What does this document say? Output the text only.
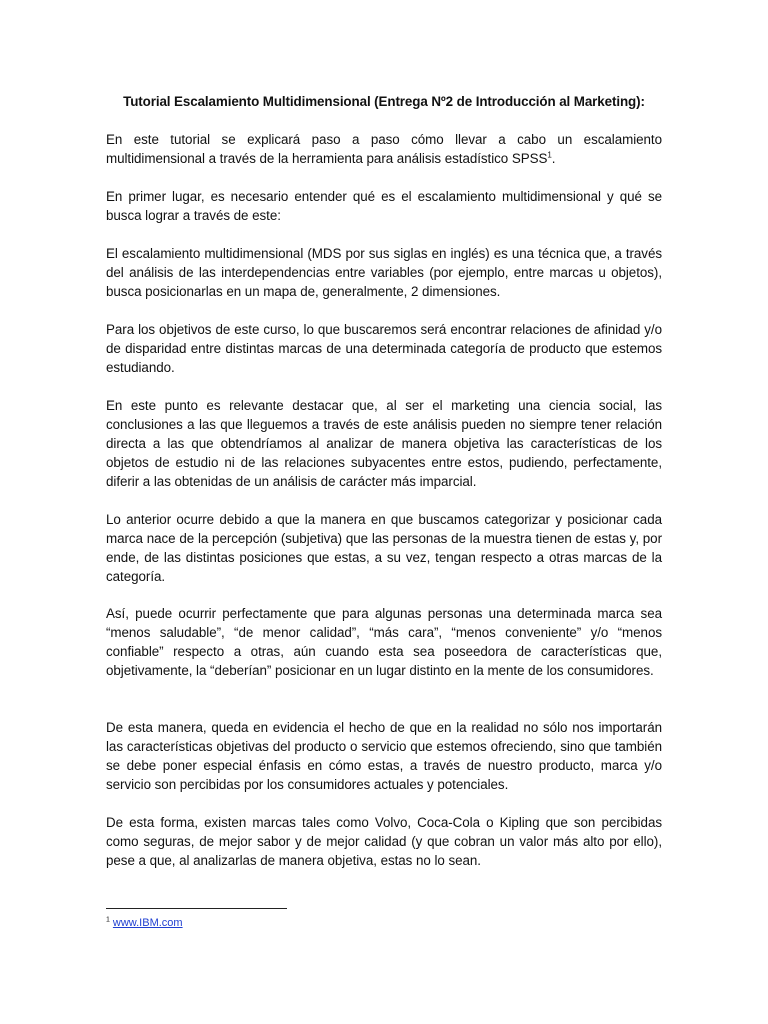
Tutorial Escalamiento Multidimensional (Entrega Nº2 de Introducción al Marketing):

En este tutorial se explicará paso a paso cómo llevar a cabo un escalamiento multidimensional a través de la herramienta para análisis estadístico SPSS$^1$.

En primer lugar, es necesario entender qué es el escalamiento multidimensional y qué se busca lograr a través de este:

El escalamiento multidimensional (MDS por sus siglas en inglés) es una técnica que, a través del análisis de las interdependencias entre variables (por ejemplo, entre marcas u objetos), busca posicionarlas en un mapa de, generalmente, 2 dimensiones.

Para los objetivos de este curso, lo que buscaremos será encontrar relaciones de afinidad y/o de disparidad entre distintas marcas de una determinada categoría de producto que estemos estudiando.

En este punto es relevante destacar que, al ser el marketing una ciencia social, las conclusiones a las que lleguemos a través de este análisis pueden no siempre tener relación directa a las que obtendríamos al analizar de manera objetiva las características de los objetos de estudio ni de las relaciones subyacentes entre estos, pudiendo, perfectamente, diferir a las obtenidas de un análisis de carácter más imparcial.

Lo anterior ocurre debido a que la manera en que buscamos categorizar y posicionar cada marca nace de la percepción (subjetiva) que las personas de la muestra tienen de estas y, por ende, de las distintas posiciones que estas, a su vez, tengan respecto a otras marcas de la categoría.

Así, puede ocurrir perfectamente que para algunas personas una determinada marca sea “menos saludable”, “de menor calidad”, “más cara”, “menos conveniente” y/o “menos confiable” respecto a otras, aún cuando esta sea poseedora de características que, objetivamente, la “deberían” posicionar en un lugar distinto en la mente de los consumidores.

De esta manera, queda en evidencia el hecho de que en la realidad no sólo nos importarán las características objetivas del producto o servicio que estemos ofreciendo, sino que también se debe poner especial énfasis en cómo estas, a través de nuestro producto, marca y/o servicio son percibidas por los consumidores actuales y potenciales.

De esta forma, existen marcas tales como Volvo, Coca-Cola o Kipling que son percibidas como seguras, de mejor sabor y de mejor calidad (y que cobran un valor más alto por ello), pese a que, al analizarlas de manera objetiva, estas no lo sean.

$^1$ www.IBM.com
